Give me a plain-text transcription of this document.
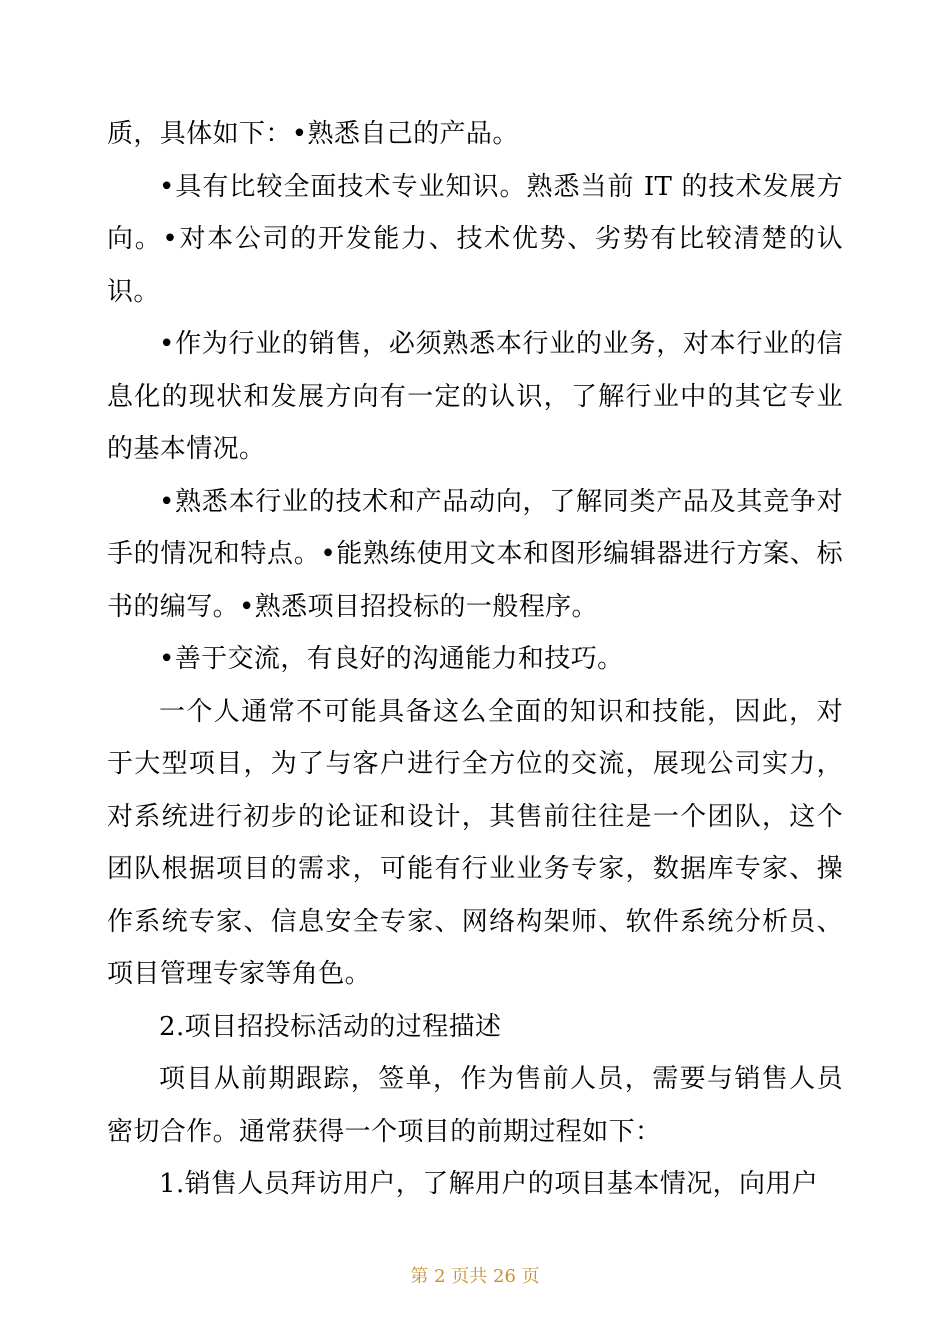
质，具体如下：•熟悉自己的产品。

•具有比较全面技术专业知识。熟悉当前 IT 的技术发展方向。•对本公司的开发能力、技术优势、劣势有比较清楚的认识。

•作为行业的销售，必须熟悉本行业的业务，对本行业的信息化的现状和发展方向有一定的认识，了解行业中的其它专业的基本情况。

•熟悉本行业的技术和产品动向，了解同类产品及其竞争对手的情况和特点。•能熟练使用文本和图形编辑器进行方案、标书的编写。•熟悉项目招投标的一般程序。

•善于交流，有良好的沟通能力和技巧。

一个人通常不可能具备这么全面的知识和技能，因此，对于大型项目，为了与客户进行全方位的交流，展现公司实力，对系统进行初步的论证和设计，其售前往往是一个团队，这个团队根据项目的需求，可能有行业业务专家，数据库专家、操作系统专家、信息安全专家、网络构架师、软件系统分析员、项目管理专家等角色。

2.项目招投标活动的过程描述

项目从前期跟踪，签单，作为售前人员，需要与销售人员密切合作。通常获得一个项目的前期过程如下：

1.销售人员拜访用户，了解用户的项目基本情况，向用户

第 2 页共 26 页
